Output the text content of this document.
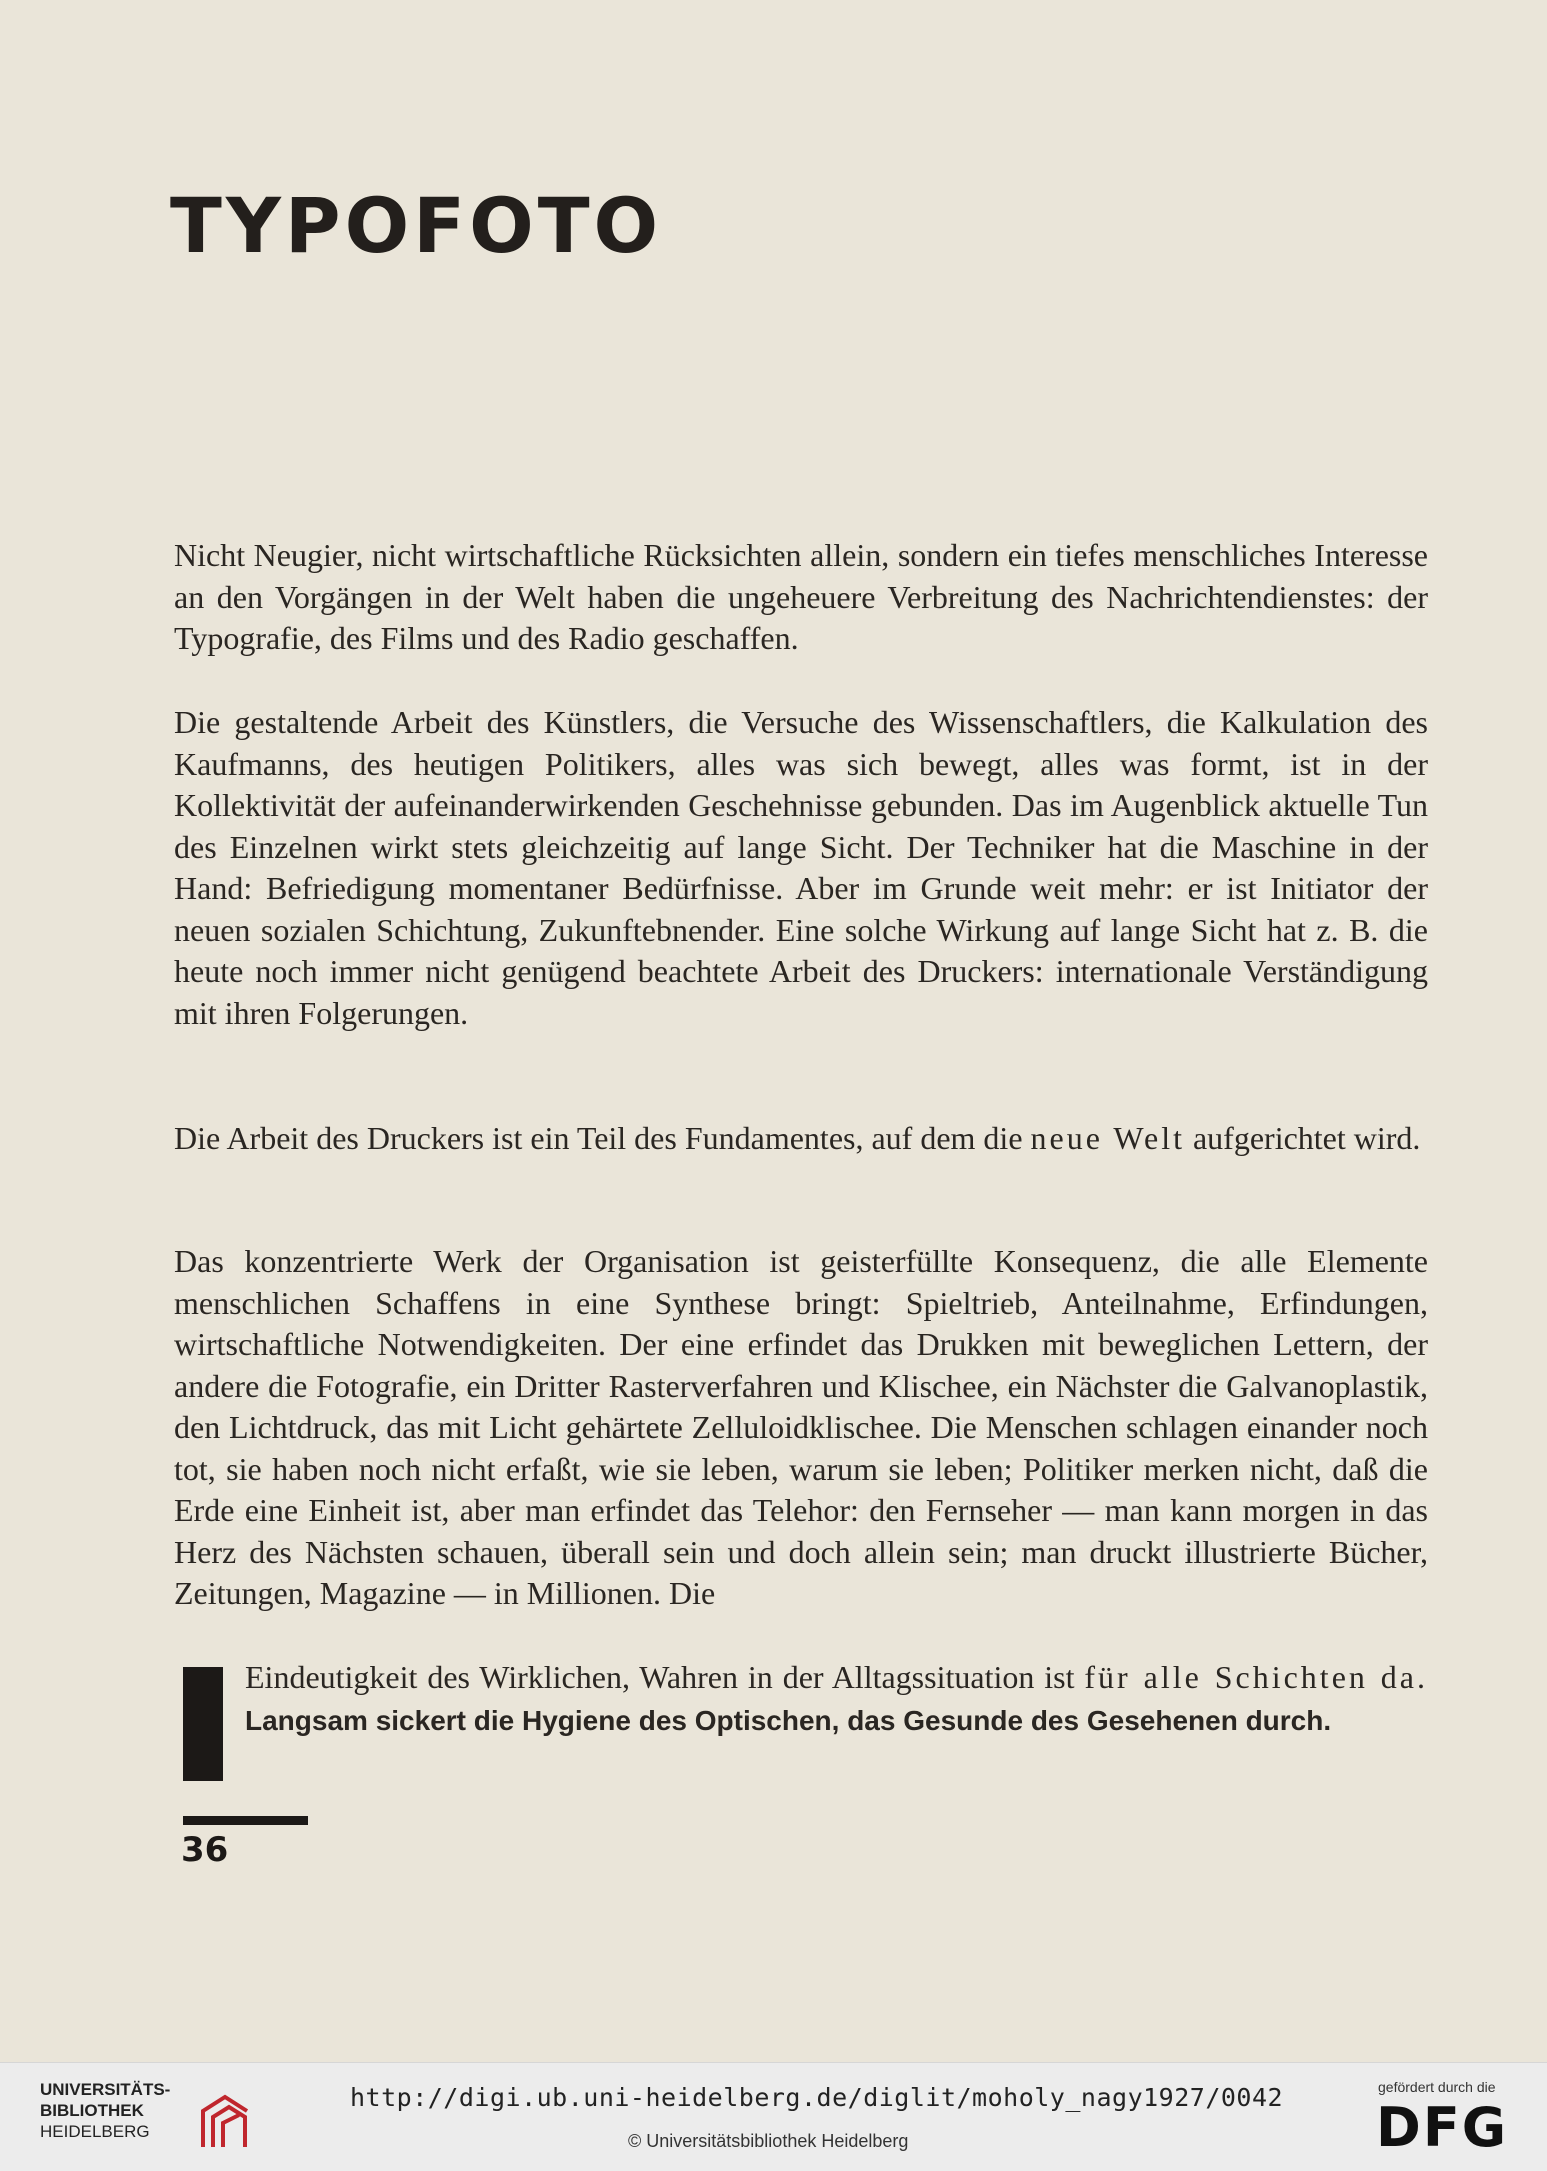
TYPOFOTO

Nicht Neugier, nicht wirtschaftliche Rücksichten allein, sondern ein tiefes menschliches Interesse an den Vorgängen in der Welt haben die ungeheuere Verbreitung des Nachrichtendienstes: der Typografie, des Films und des Radio geschaffen.

Die gestaltende Arbeit des Künstlers, die Versuche des Wissenschaftlers, die Kalkulation des Kaufmanns, des heutigen Politikers, alles was sich bewegt, alles was formt, ist in der Kollektivität der aufeinanderwirkenden Geschehnisse gebunden. Das im Augenblick aktuelle Tun des Einzelnen wirkt stets gleichzeitig auf lange Sicht. Der Techniker hat die Maschine in der Hand: Befriedigung momentaner Bedürfnisse. Aber im Grunde weit mehr: er ist Initiator der neuen sozialen Schichtung, Zukunftebnender. Eine solche Wirkung auf lange Sicht hat z. B. die heute noch immer nicht genügend beachtete Arbeit des Druckers: internationale Verständigung mit ihren Folgerungen.

Die Arbeit des Druckers ist ein Teil des Fundamentes, auf dem die neue Welt aufgerichtet wird.

Das konzentrierte Werk der Organisation ist geisterfüllte Konsequenz, die alle Elemente menschlichen Schaffens in eine Synthese bringt: Spieltrieb, Anteilnahme, Erfindungen, wirtschaftliche Notwendigkeiten. Der eine erfindet das Drukken mit beweglichen Lettern, der andere die Fotografie, ein Dritter Rasterverfahren und Klischee, ein Nächster die Galvanoplastik, den Lichtdruck, das mit Licht gehärtete Zelluloidklischee. Die Menschen schlagen einander noch tot, sie haben noch nicht erfaßt, wie sie leben, warum sie leben; Politiker merken nicht, daß die Erde eine Einheit ist, aber man erfindet das Telehor: den Fernseher — man kann morgen in das Herz des Nächsten schauen, überall sein und doch allein sein; man druckt illustrierte Bücher, Zeitungen, Magazine — in Millionen. Die

Eindeutigkeit des Wirklichen, Wahren in der Alltagssituation ist für alle Schichten da. Langsam sickert die Hygiene des Optischen, das Gesunde des Gesehenen durch.

36

UNIVERSITÄTS-

BIBLIOTHEK

HEIDELBERG

http://digi.ub.uni-heidelberg.de/diglit/moholy_nagy1927/0042
© Universitätsbibliothek Heidelberg
gefördert durch die
DFG
